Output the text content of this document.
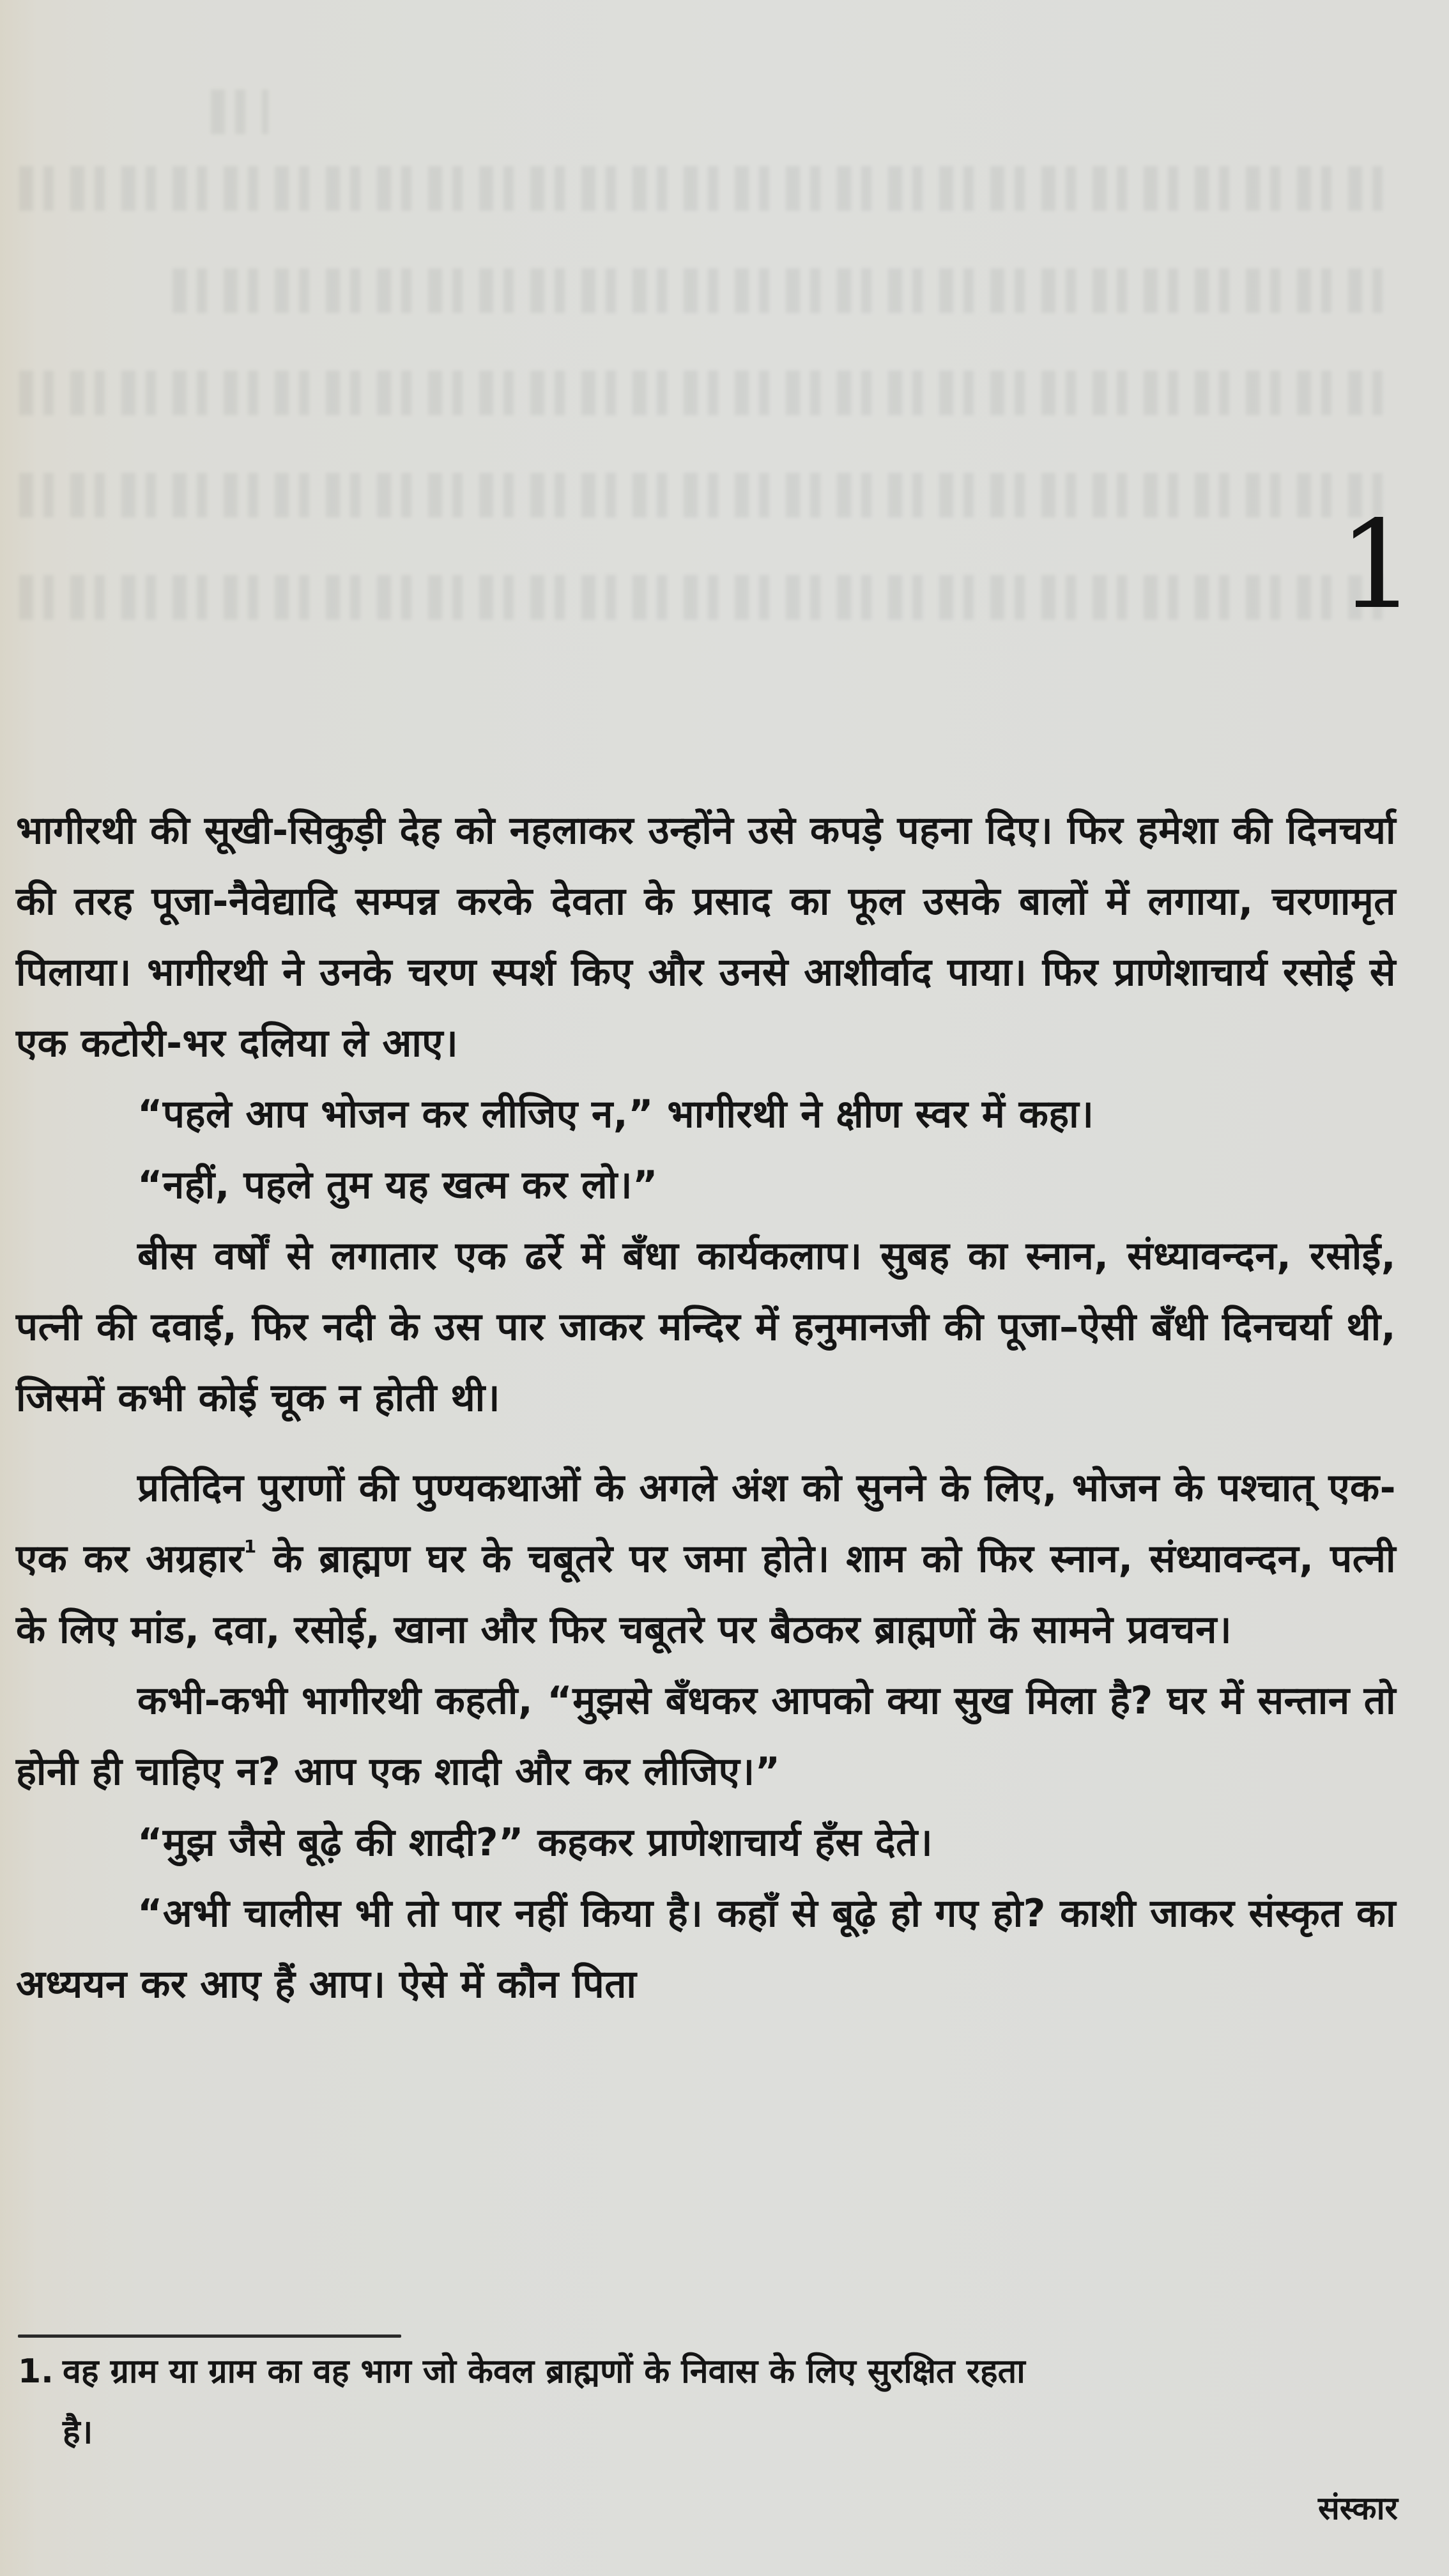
1

भागीरथी की सूखी-सिकुड़ी देह को नहलाकर उन्होंने उसे कपड़े पहना दिए। फिर हमेशा की दिनचर्या की तरह पूजा-नैवेद्यादि सम्पन्न करके देवता के प्रसाद का फूल उसके बालों में लगाया, चरणामृत पिलाया। भागीरथी ने उनके चरण स्पर्श किए और उनसे आशीर्वाद पाया। फिर प्राणेशाचार्य रसोई से एक कटोरी-भर दलिया ले आए।

“पहले आप भोजन कर लीजिए न,” भागीरथी ने क्षीण स्वर में कहा।

“नहीं, पहले तुम यह खत्म कर लो।”

बीस वर्षों से लगातार एक ढर्रे में बँधा कार्यकलाप। सुबह का स्नान, संध्यावन्दन, रसोई, पत्नी की दवाई, फिर नदी के उस पार जाकर मन्दिर में हनुमानजी की पूजा–ऐसी बँधी दिनचर्या थी, जिसमें कभी कोई चूक न होती थी।

प्रतिदिन पुराणों की पुण्यकथाओं के अगले अंश को सुनने के लिए, भोजन के पश्चात् एक-एक कर अग्रहार$^1$ के ब्राह्मण घर के चबूतरे पर जमा होते। शाम को फिर स्नान, संध्यावन्दन, पत्नी के लिए मांड, दवा, रसोई, खाना और फिर चबूतरे पर बैठकर ब्राह्मणों के सामने प्रवचन।

कभी-कभी भागीरथी कहती, “मुझसे बँधकर आपको क्या सुख मिला है? घर में सन्तान तो होनी ही चाहिए न? आप एक शादी और कर लीजिए।”

“मुझ जैसे बूढ़े की शादी?” कहकर प्राणेशाचार्य हँस देते।

“अभी चालीस भी तो पार नहीं किया है। कहाँ से बूढ़े हो गए हो? काशी जाकर संस्कृत का अध्ययन कर आए हैं आप। ऐसे में कौन पिता

1. वह ग्राम या ग्राम का वह भाग जो केवल ब्राह्मणों के निवास के लिए सुरक्षित रहता
है।
संस्कार
